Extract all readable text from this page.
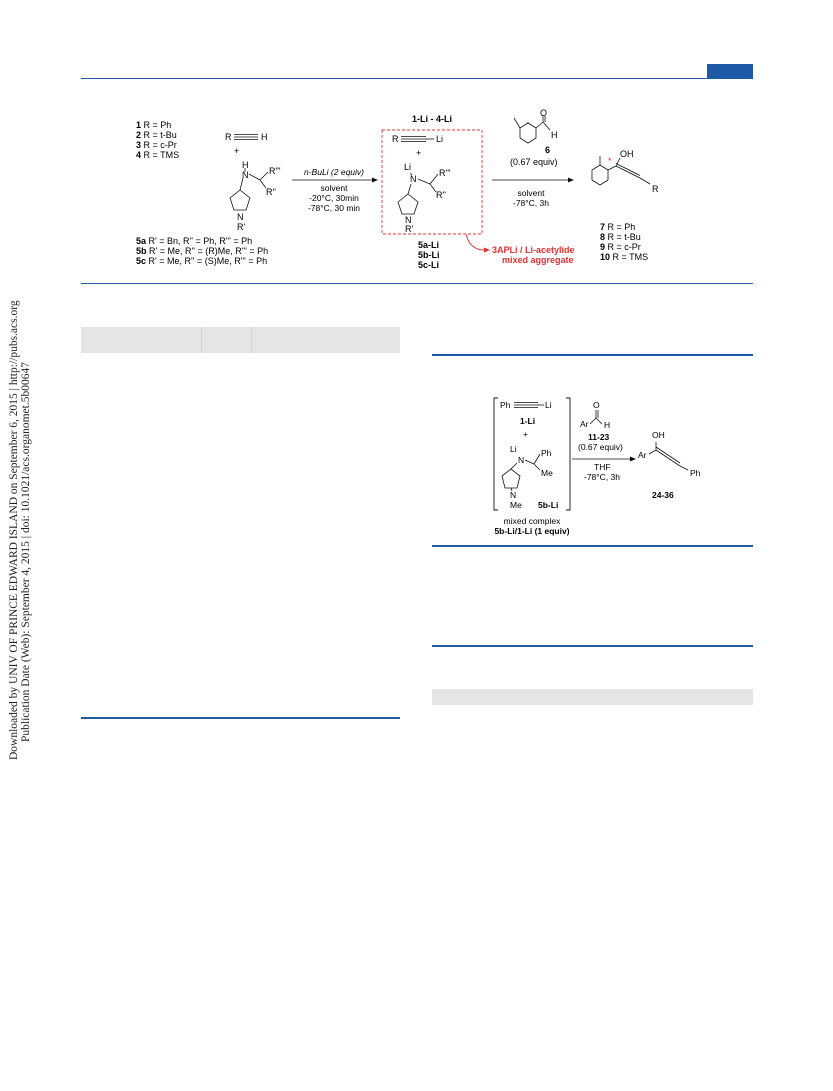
Downloaded by UNIV OF PRINCE EDWARD ISLAND on September 6, 2015 | http://pubs.acs.org Publication Date (Web): September 4, 2015 | doi: 10.1021/acs.organomet.5b00647
1 R = Ph
2 R = t-Bu
3 R = c-Pr
4 R = TMS
R	H
+
H
N R'''
R''
N
R'
n-BuLi (2 equiv)
solvent
-20°C, 30min
-78°C, 30 min
5a R' = Bn, R'' = Ph, R''' = Ph
5b R' = Me, R'' = (R)Me, R''' = Ph
5c R' = Me, R'' = (S)Me, R''' = Ph
1-Li - 4-Li
R	Li
+
Li
N
R'''
R''
N
R'
5a-Li
5b-Li
5c-Li
3APLi / Li-acetylide
mixed aggregate
O
H
6
(0.67 equiv)
solvent
-78°C, 3h
OH
*
R
7 R = Ph
8 R = t-Bu
9 R = c-Pr
10 R = TMS
Ph	Li
1-Li
+
Li
N
Ph
Me
N
Me 5b-Li
Ar
O
H
11-23
(0.67 equiv)
THF
-78°C, 3h
OH
Ar
Ph
24-36
mixed complex
5b-Li/1-Li (1 equiv)
